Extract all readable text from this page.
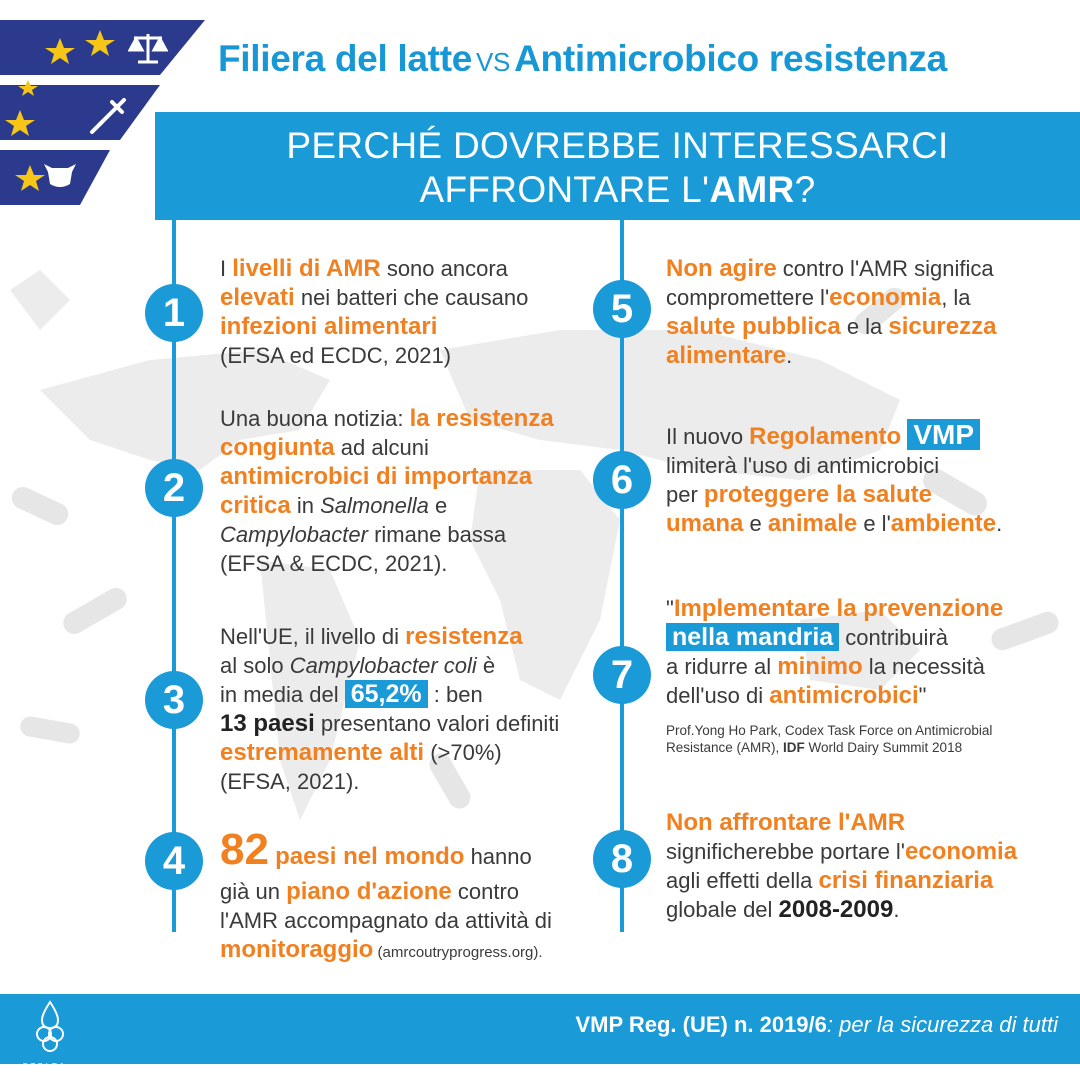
Filiera del latte VS Antimicrobico resistenza
PERCHÉ DOVREBBE INTERESSARCI
AFFRONTARE L'AMR?
1
2
3
4
5
6
7
8
I livelli di AMR sono ancora
elevati nei batteri che causano
infezioni alimentari
(EFSA ed ECDC, 2021)
Una buona notizia: la resistenza
congiunta ad alcuni
antimicrobici di importanza
critica in Salmonella e
Campylobacter rimane bassa
(EFSA & ECDC, 2021).
Nell'UE, il livello di resistenza
al solo Campylobacter coli è
in media del 65,2% : ben
13 paesi presentano valori definiti
estremamente alti (>70%)
(EFSA, 2021).
82 paesi nel mondo hanno
già un piano d'azione contro
l'AMR accompagnato da attività di
monitoraggio (amrcoutryprogress.org).
Non agire contro l'AMR significa
compromettere l'economia, la
salute pubblica e la sicurezza
alimentare.
Il nuovo Regolamento VMP
limiterà l'uso di antimicrobici
per proteggere la salute
umana e animale e l'ambiente.
"Implementare la prevenzione
nella mandria contribuirà
a ridurre al minimo la necessità
dell'uso di antimicrobici"
Prof.Yong Ho Park, Codex Task Force on Antimicrobial
Resistance (AMR), IDF World Dairy Summit 2018
Non affrontare l'AMR
significherebbe portare l'economia
agli effetti della crisi finanziaria
globale del 2008-2009.
OZOLEA
VMP Reg. (UE) n. 2019/6: per la sicurezza di tutti
